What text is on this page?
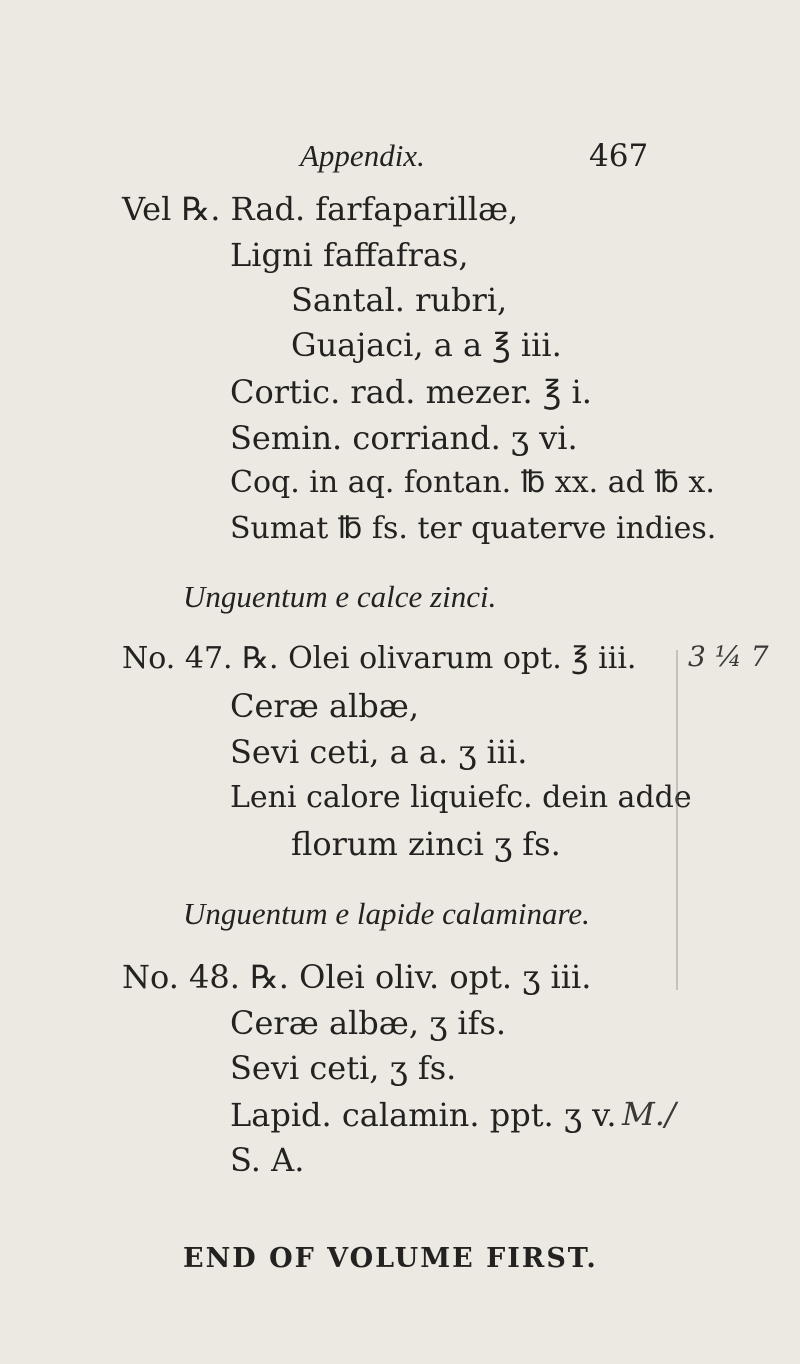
Appendix.	467
Vel ℞. Rad. farfaparillæ,
Ligni faffafras,
Santal. rubri,
Guajaci, a a ℥ iii.
Cortic. rad. mezer. ℥ i.
Semin. corriand. ʒ vi.
Coq. in aq. fontan. ℔ xx. ad ℔ x.
Sumat ℔ fs. ter quaterve indies.
Unguentum e calce zinci.
No. 47. ℞. Olei olivarum opt. ℥ iii.
Ceræ albæ,
Sevi ceti, a a. ʒ iii.
Leni calore liquiefc. dein adde
florum zinci ʒ fs.
3 ¼ 7
Unguentum e lapide calaminare.
No. 48. ℞. Olei oliv. opt. ʒ iii.
Ceræ albæ, ʒ ifs.
Sevi ceti, ʒ fs.
Lapid. calamin. ppt. ʒ v.
S. A.
M./
END OF VOLUME FIRST.
